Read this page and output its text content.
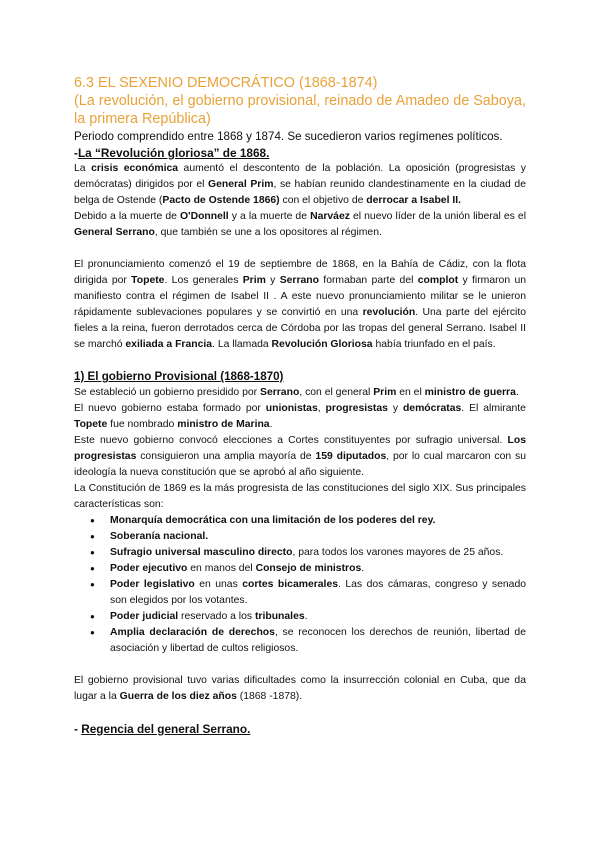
6.3 EL SEXENIO DEMOCRÁTICO (1868-1874)
(La revolución, el gobierno provisional, reinado de Amadeo de Saboya, la primera República)
Periodo comprendido entre 1868 y 1874. Se sucedieron varios regímenes políticos.
-La “Revolución gloriosa” de 1868.

La crisis económica aumentó el descontento de la población. La oposición (progresistas y demócratas) dirigidos por el General Prim, se habían reunido clandestinamente en la ciudad de belga de Ostende (Pacto de Ostende 1866) con el objetivo de derrocar a Isabel II.

Debido a la muerte de O'Donnell y a la muerte de Narváez el nuevo líder de la unión liberal es el General Serrano, que también se une a los opositores al régimen.

El pronunciamiento comenzó el 19 de septiembre de 1868, en la Bahía de Cádiz, con la flota dirigida por Topete. Los generales Prim y Serrano formaban parte del complot y firmaron un manifiesto contra el régimen de Isabel II . A este nuevo pronunciamiento militar se le unieron rápidamente sublevaciones populares y se convirtió en una revolución. Una parte del ejército fieles a la reina, fueron derrotados cerca de Córdoba por las tropas del general Serrano. Isabel II se marchó exiliada a Francia. La llamada Revolución Gloriosa había triunfado en el país.

1) El gobierno Provisional (1868-1870)

Se estableció un gobierno presidido por Serrano, con el general Prim en el ministro de guerra.

El nuevo gobierno estaba formado por unionistas, progresistas y demócratas. El almirante Topete fue nombrado ministro de Marina.

Este nuevo gobierno convocó elecciones a Cortes constituyentes por sufragio universal. Los progresistas consiguieron una amplia mayoría de 159 diputados, por lo cual marcaron con su ideología la nueva constitución que se aprobó al año siguiente.

La Constitución de 1869 es la más progresista de las constituciones del siglo XIX. Sus principales características son:

● Monarquía democrática con una limitación de los poderes del rey.
● Soberanía nacional.
● Sufragio universal masculino directo, para todos los varones mayores de 25 años.
● Poder ejecutivo en manos del Consejo de ministros.
● Poder legislativo en unas cortes bicamerales. Las dos cámaras, congreso y senado son elegidos por los votantes.
● Poder judicial reservado a los tribunales.
● Amplia declaración de derechos, se reconocen los derechos de reunión, libertad de asociación y libertad de cultos religiosos.

El gobierno provisional tuvo varias dificultades como la insurrección colonial en Cuba, que da lugar a la Guerra de los diez años (1868 -1878).

- Regencia del general Serrano.
